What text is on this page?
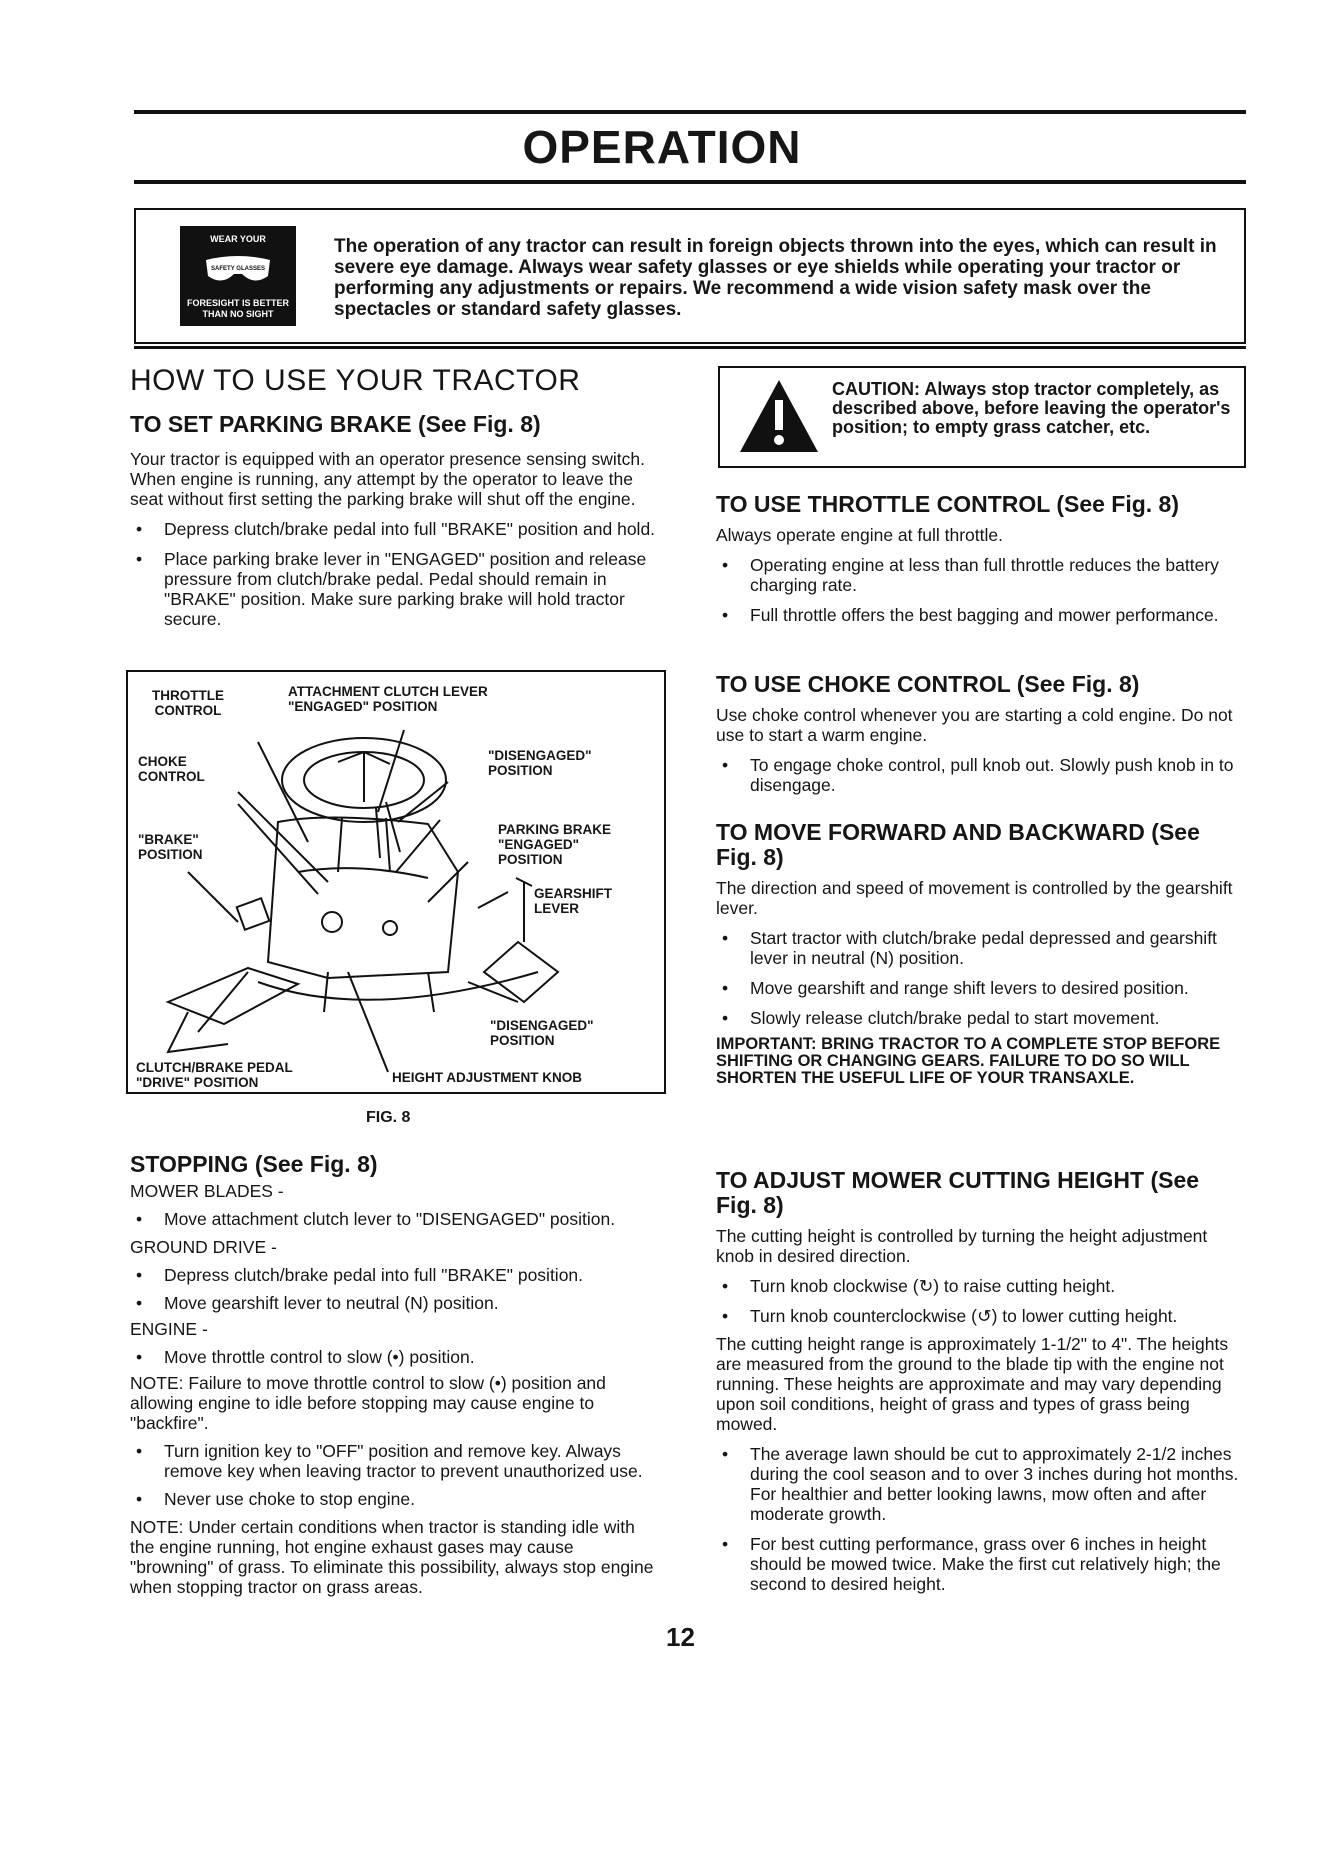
OPERATION
WEAR YOUR
SAFETY GLASSES
FORESIGHT IS BETTER THAN NO SIGHT
The operation of any tractor can result in foreign objects thrown into the eyes, which can result in severe eye damage. Always wear safety glasses or eye shields while operating your tractor or performing any adjustments or repairs. We recommend a wide vision safety mask over the spectacles or standard safety glasses.
HOW TO USE YOUR TRACTOR
TO SET PARKING BRAKE (See Fig. 8)

Your tractor is equipped with an operator presence sensing switch. When engine is running, any attempt by the operator to leave the seat without first setting the parking brake will shut off the engine.

• Depress clutch/brake pedal into full "BRAKE" position and hold.
• Place parking brake lever in "ENGAGED" position and release pressure from clutch/brake pedal. Pedal should remain in "BRAKE" position. Make sure parking brake will hold tractor secure.
THROTTLE
CONTROL
ATTACHMENT CLUTCH LEVER
"ENGAGED" POSITION
CHOKE
CONTROL
"DISENGAGED"
POSITION
"BRAKE"
POSITION
PARKING BRAKE
"ENGAGED"
POSITION
GEARSHIFT
LEVER
"DISENGAGED"
POSITION
CLUTCH/BRAKE PEDAL
"DRIVE" POSITION	HEIGHT ADJUSTMENT KNOB
FIG. 8
STOPPING (See Fig. 8)

MOWER BLADES -

• Move attachment clutch lever to "DISENGAGED" position.

GROUND DRIVE -

• Depress clutch/brake pedal into full "BRAKE" position.
• Move gearshift lever to neutral (N) position.

ENGINE -

• Move throttle control to slow (•) position.

NOTE: Failure to move throttle control to slow (•) position and allowing engine to idle before stopping may cause engine to "backfire".

• Turn ignition key to "OFF" position and remove key. Always remove key when leaving tractor to prevent unauthorized use.
• Never use choke to stop engine.

NOTE: Under certain conditions when tractor is standing idle with the engine running, hot engine exhaust gases may cause "browning" of grass. To eliminate this possibility, always stop engine when stopping tractor on grass areas.

12
CAUTION: Always stop tractor completely, as described above, before leaving the operator's position; to empty grass catcher, etc.
TO USE THROTTLE CONTROL (See Fig. 8)

Always operate engine at full throttle.

• Operating engine at less than full throttle reduces the battery charging rate.
• Full throttle offers the best bagging and mower performance.
TO USE CHOKE CONTROL (See Fig. 8)

Use choke control whenever you are starting a cold engine. Do not use to start a warm engine.

• To engage choke control, pull knob out. Slowly push knob in to disengage.
TO MOVE FORWARD AND BACKWARD (See Fig. 8)

The direction and speed of movement is controlled by the gearshift lever.

• Start tractor with clutch/brake pedal depressed and gearshift lever in neutral (N) position.
• Move gearshift and range shift levers to desired position.
• Slowly release clutch/brake pedal to start movement.

IMPORTANT: BRING TRACTOR TO A COMPLETE STOP BEFORE SHIFTING OR CHANGING GEARS. FAILURE TO DO SO WILL SHORTEN THE USEFUL LIFE OF YOUR TRANSAXLE.

TO ADJUST MOWER CUTTING HEIGHT (See Fig. 8)

The cutting height is controlled by turning the height adjustment knob in desired direction.

• Turn knob clockwise (↻) to raise cutting height.
• Turn knob counterclockwise (↺) to lower cutting height.

The cutting height range is approximately 1-1/2" to 4". The heights are measured from the ground to the blade tip with the engine not running. These heights are approximate and may vary depending upon soil conditions, height of grass and types of grass being mowed.

• The average lawn should be cut to approximately 2-1/2 inches during the cool season and to over 3 inches during hot months. For healthier and better looking lawns, mow often and after moderate growth.
• For best cutting performance, grass over 6 inches in height should be mowed twice. Make the first cut relatively high; the second to desired height.
